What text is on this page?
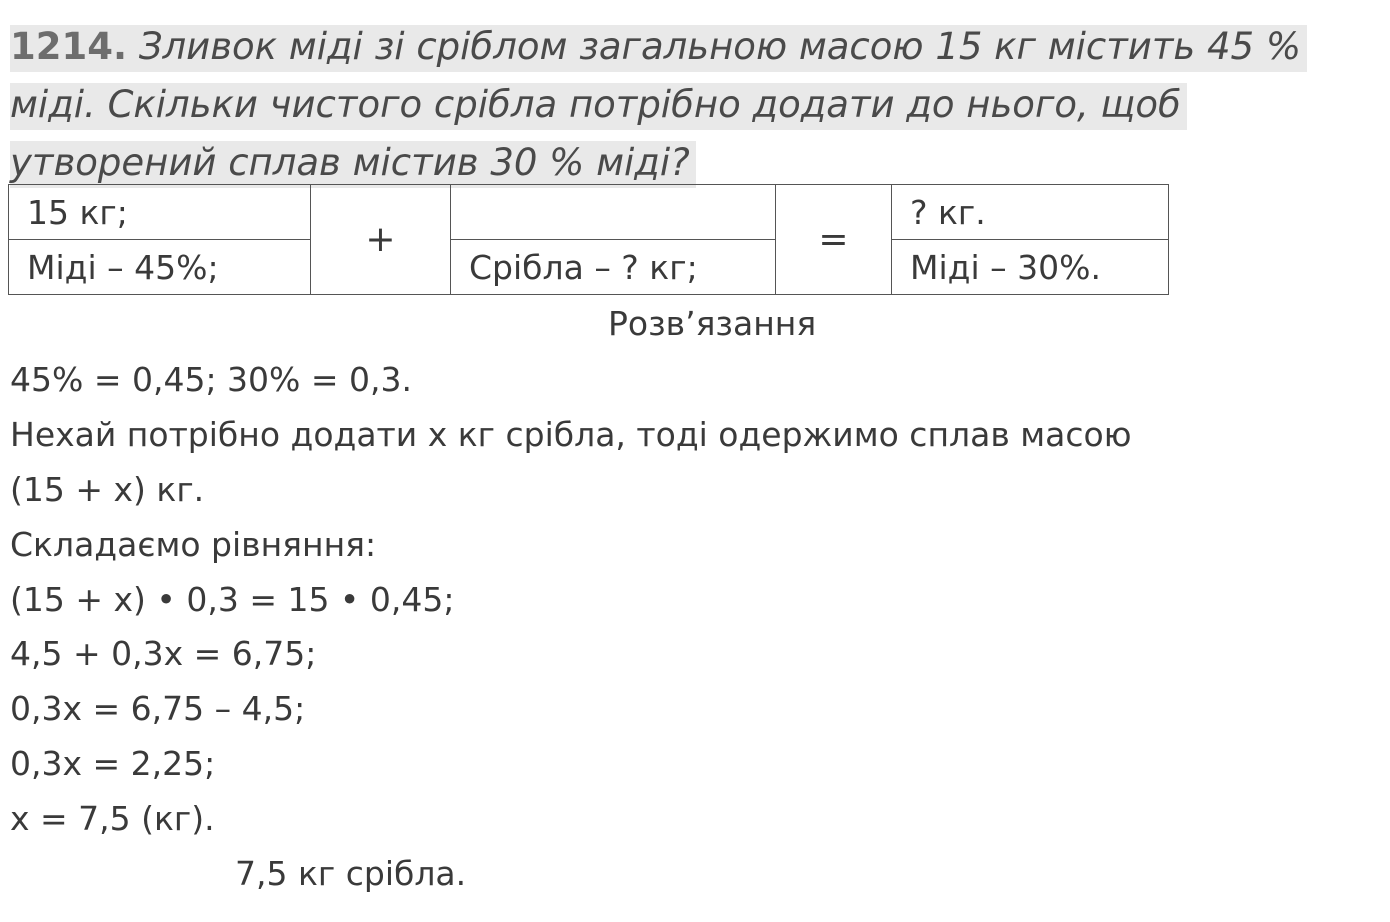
1214. Зливок міді зі сріблом загальною масою 15 кг містить 45 %
міді. Скільки чистого срібла потрібно додати до нього, щоб
утворений сплав містив 30 % міді?
15 кг;	+		=	? кг.
Міді – 45%;		Срібла – ? кг;		Міді – 30%.
Розв’язання
45% = 0,45; 30% = 0,3.
Нехай потрібно додати x кг срібла, тоді одержимо сплав масою
(15 + x) кг.
Складаємо рівняння:
(15 + x) • 0,3 = 15 • 0,45;
4,5 + 0,3x = 6,75;
0,3x = 6,75 – 4,5;
0,3x = 2,25;
x = 7,5 (кг).
7,5 кг срібла.
